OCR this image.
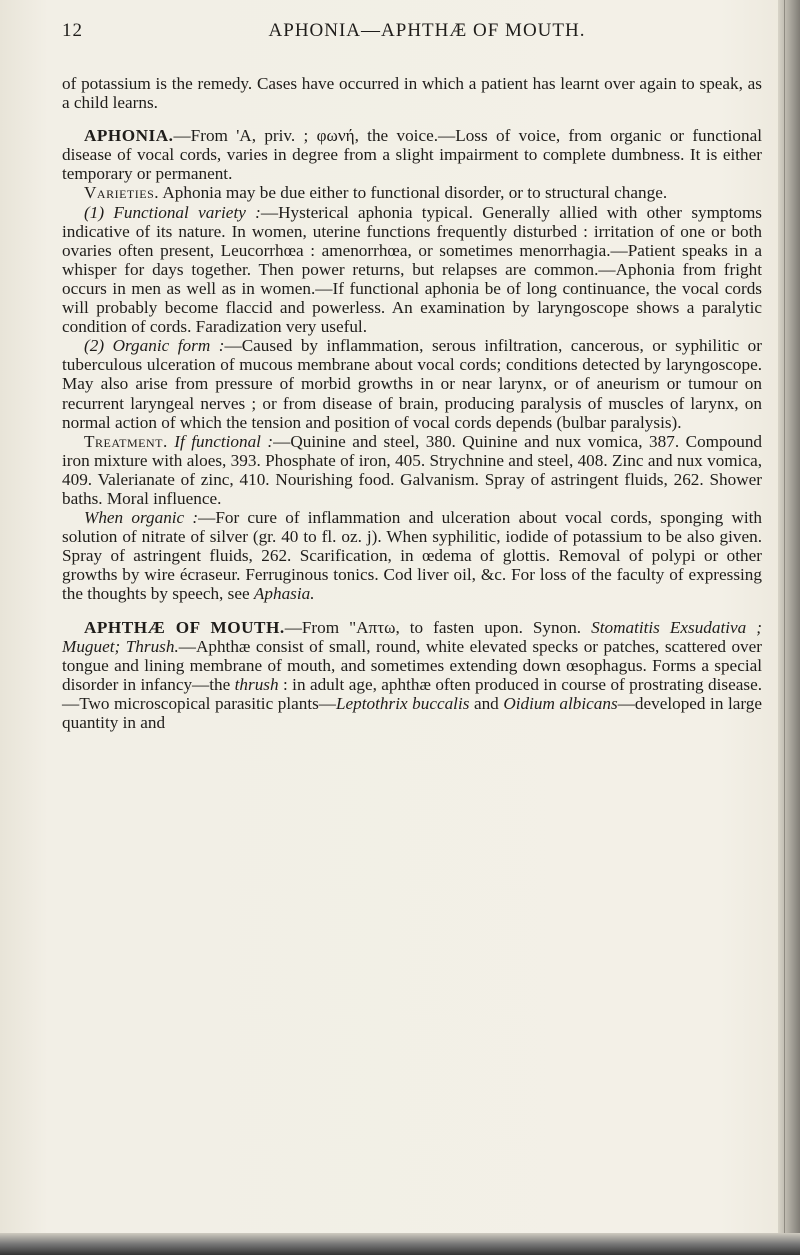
12	APHONIA—APHTHÆ OF MOUTH.

of potassium is the remedy. Cases have occurred in which a patient has learnt over again to speak, as a child learns.

APHONIA.—From 'A, priv. ; φωνή, the voice.—Loss of voice, from organic or functional disease of vocal cords, varies in degree from a slight impairment to complete dumbness. It is either temporary or permanent.

Varieties. Aphonia may be due either to functional disorder, or to structural change.

(1) Functional variety :—Hysterical aphonia typical. Generally allied with other symptoms indicative of its nature. In women, uterine functions frequently disturbed : irritation of one or both ovaries often present, Leucorrhœa : amenorrhœa, or sometimes menorrhagia.—Patient speaks in a whisper for days together. Then power returns, but relapses are common.—Aphonia from fright occurs in men as well as in women.—If functional aphonia be of long continuance, the vocal cords will probably become flaccid and powerless. An examination by laryngoscope shows a paralytic condition of cords. Faradization very useful.

(2) Organic form :—Caused by inflammation, serous infiltration, cancerous, or syphilitic or tuberculous ulceration of mucous membrane about vocal cords; conditions detected by laryngoscope. May also arise from pressure of morbid growths in or near larynx, or of aneurism or tumour on recurrent laryngeal nerves ; or from disease of brain, producing paralysis of muscles of larynx, on normal action of which the tension and position of vocal cords depends (bulbar paralysis).

Treatment. If functional :—Quinine and steel, 380. Quinine and nux vomica, 387. Compound iron mixture with aloes, 393. Phosphate of iron, 405. Strychnine and steel, 408. Zinc and nux vomica, 409. Valerianate of zinc, 410. Nourishing food. Galvanism. Spray of astringent fluids, 262. Shower baths. Moral influence.

When organic :—For cure of inflammation and ulceration about vocal cords, sponging with solution of nitrate of silver (gr. 40 to fl. oz. j). When syphilitic, iodide of potassium to be also given. Spray of astringent fluids, 262. Scarification, in œdema of glottis. Removal of polypi or other growths by wire écraseur. Ferruginous tonics. Cod liver oil, &c. For loss of the faculty of expressing the thoughts by speech, see Aphasia.

APHTHÆ OF MOUTH.—From "Απτω, to fasten upon. Synon. Stomatitis Exsudativa ; Muguet; Thrush.—Aphthæ consist of small, round, white elevated specks or patches, scattered over tongue and lining membrane of mouth, and sometimes extending down œsophagus. Forms a special disorder in infancy—the thrush : in adult age, aphthæ often produced in course of prostrating disease.—Two microscopical parasitic plants—Leptothrix buccalis and Oidium albicans—developed in large quantity in and
